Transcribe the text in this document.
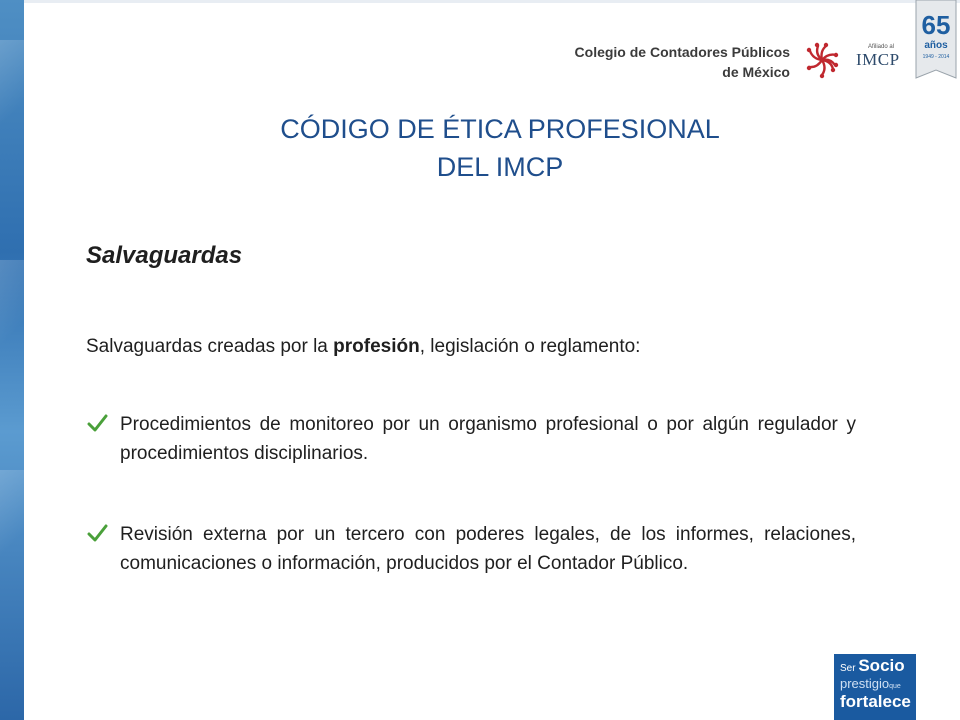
Colegio de Contadores Públicos
de México
Afiliado al
IMCP
65
años
1949 - 2014
CÓDIGO DE ÉTICA PROFESIONAL
DEL IMCP
Salvaguardas
Salvaguardas creadas por la profesión, legislación o reglamento:
Procedimientos de monitoreo por un organismo profesional o por algún regulador y procedimientos disciplinarios.
Revisión externa por un tercero con poderes legales, de los informes, relaciones, comunicaciones o información, producidos por el Contador Público.
Ser Socio
prestigioque
fortalece
